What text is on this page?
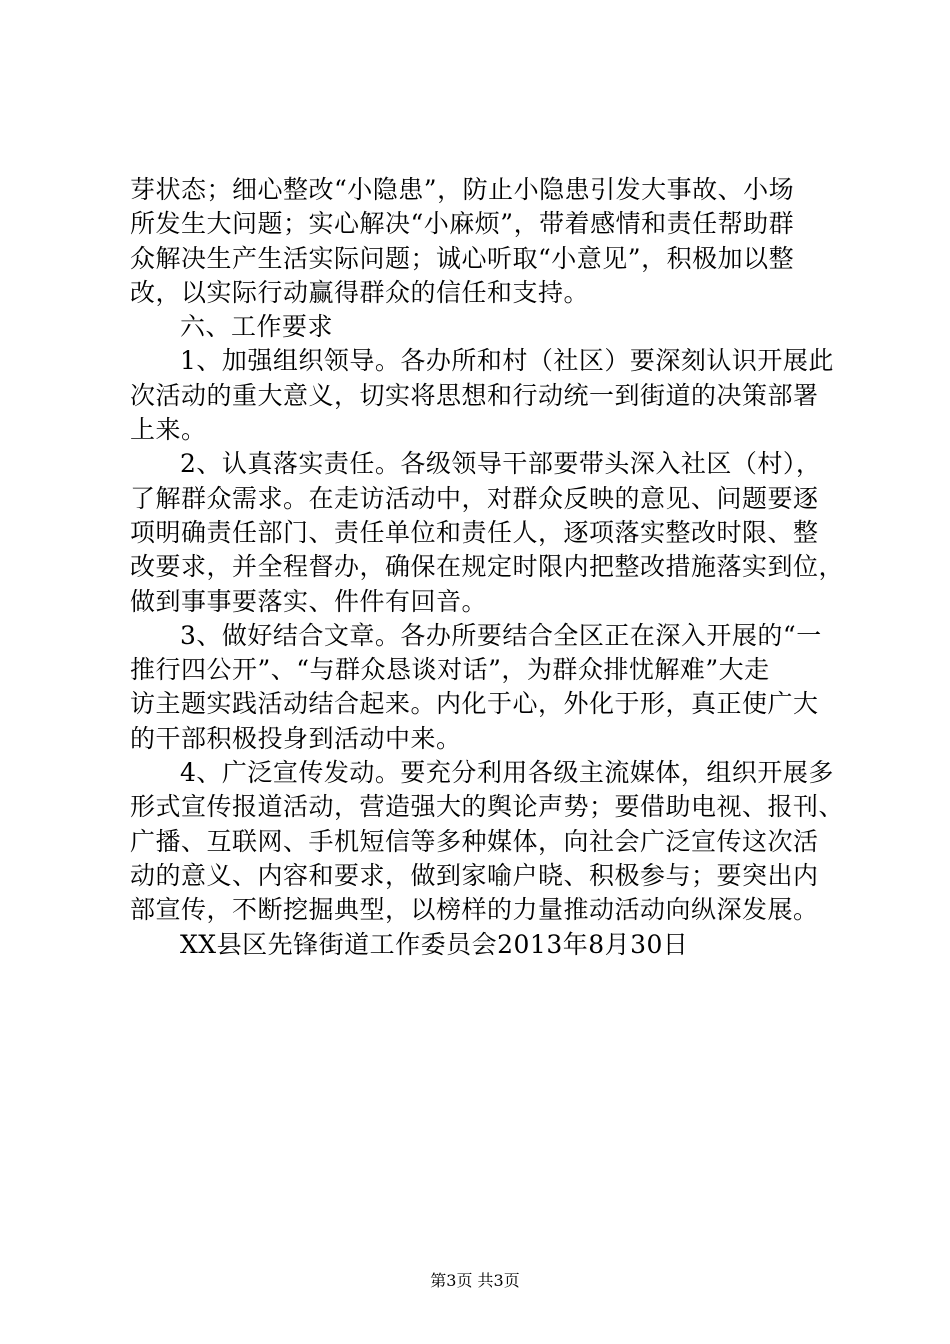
芽状态；细心整改“小隐患”，防止小隐患引发大事故、小场
所发生大问题；实心解决“小麻烦”，带着感情和责任帮助群
众解决生产生活实际问题；诚心听取“小意见”，积极加以整
改，以实际行动赢得群众的信任和支持。

六、工作要求

1、加强组织领导。各办所和村（社区）要深刻认识开展此
次活动的重大意义，切实将思想和行动统一到街道的决策部署
上来。

2、认真落实责任。各级领导干部要带头深入社区（村），
了解群众需求。在走访活动中，对群众反映的意见、问题要逐
项明确责任部门、责任单位和责任人，逐项落实整改时限、整
改要求，并全程督办，确保在规定时限内把整改措施落实到位，
做到事事要落实、件件有回音。

3、做好结合文章。各办所要结合全区正在深入开展的“一
推行四公开”、“与群众恳谈对话”，为群众排忧解难”大走
访主题实践活动结合起来。内化于心，外化于形，真正使广大
的干部积极投身到活动中来。

4、广泛宣传发动。要充分利用各级主流媒体，组织开展多
形式宣传报道活动，营造强大的舆论声势；要借助电视、报刊、
广播、互联网、手机短信等多种媒体，向社会广泛宣传这次活
动的意义、内容和要求，做到家喻户晓、积极参与；要突出内
部宣传，不断挖掘典型，以榜样的力量推动活动向纵深发展。

XX县区先锋街道工作委员会2013年8月30日

第3页 共3页
